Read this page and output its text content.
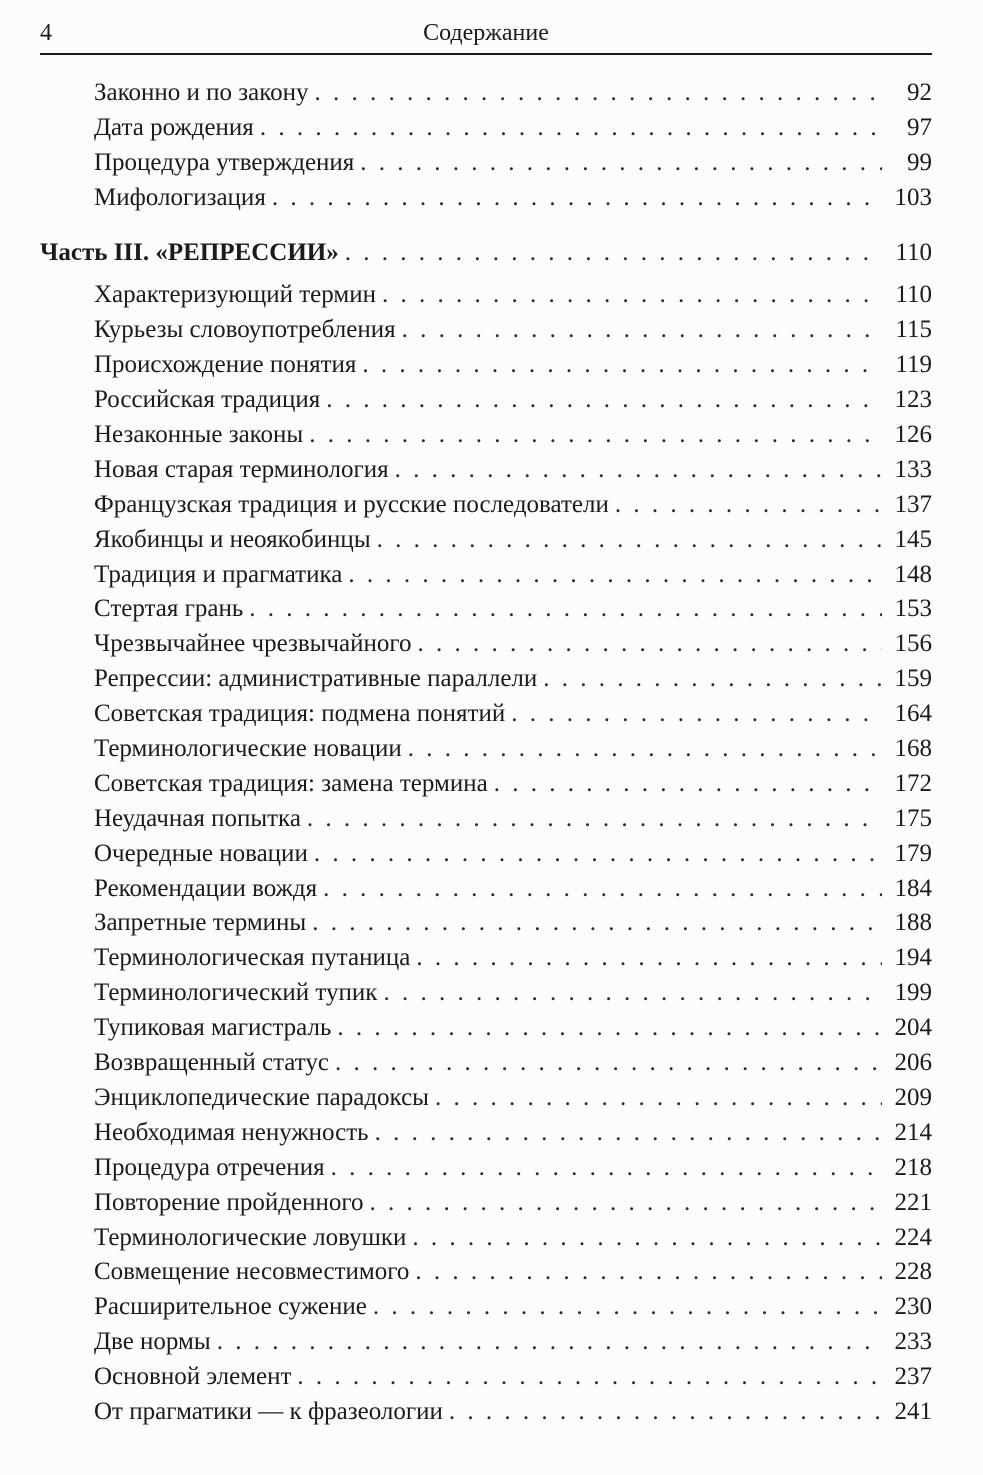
4	Содержание
Законно и по закону . . .	92
Дата рождения . . .	97
Процедура утверждения . . .	99
Мифологизация . . .	103
Часть III. «РЕПРЕССИИ» . . .	110
Характеризующий термин . . .	110
Курьезы словоупотребления . . .	115
Происхождение понятия . . .	119
Российская традиция . . .	123
Незаконные законы . . .	126
Новая старая терминология . . .	133
Французская традиция и русские последователи . . .	137
Якобинцы и неоякобинцы . . .	145
Традиция и прагматика . . .	148
Стертая грань . . .	153
Чрезвычайнее чрезвычайного . . .	156
Репрессии: административные параллели . . .	159
Советская традиция: подмена понятий . . .	164
Терминологические новации . . .	168
Советская традиция: замена термина . . .	172
Неудачная попытка . . .	175
Очередные новации . . .	179
Рекомендации вождя . . .	184
Запретные термины . . .	188
Терминологическая путаница . . .	194
Терминологический тупик . . .	199
Тупиковая магистраль . . .	204
Возвращенный статус . . .	206
Энциклопедические парадоксы . . .	209
Необходимая ненужность . . .	214
Процедура отречения . . .	218
Повторение пройденного . . .	221
Терминологические ловушки . . .	224
Совмещение несовместимого . . .	228
Расширительное сужение . . .	230
Две нормы . . .	233
Основной элемент . . .	237
От прагматики — к фразеологии . . .	241
